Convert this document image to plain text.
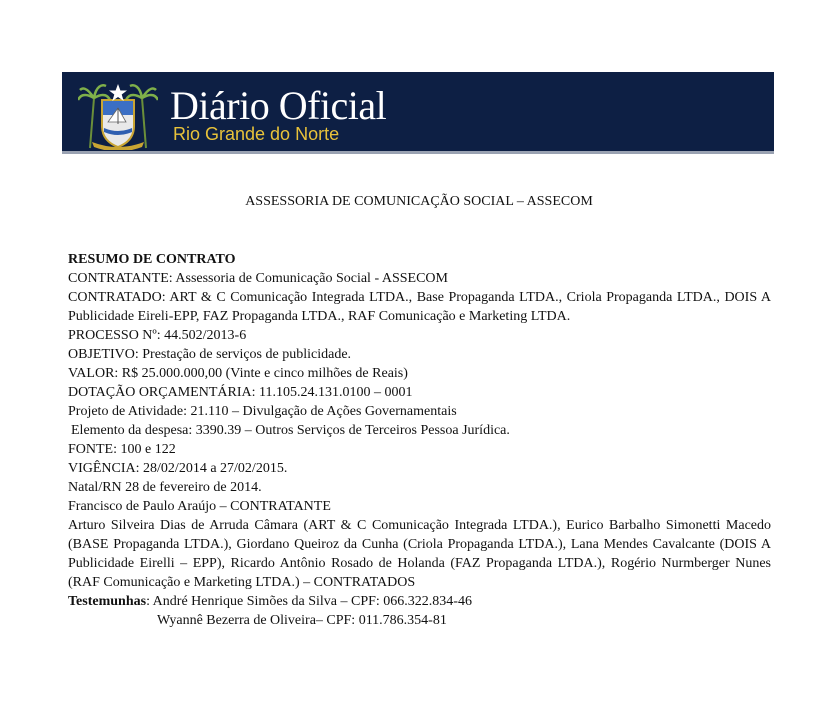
Diário Oficial
Rio Grande do Norte
ASSESSORIA DE COMUNICAÇÃO SOCIAL – ASSECOM

RESUMO DE CONTRATO

CONTRATANTE: Assessoria de Comunicação Social - ASSECOM

CONTRATADO: ART & C Comunicação Integrada LTDA., Base Propaganda LTDA., Criola Propaganda LTDA., DOIS A Publicidade Eireli-EPP, FAZ Propaganda LTDA., RAF Comunicação e Marketing LTDA.

PROCESSO Nº: 44.502/2013-6

OBJETIVO: Prestação de serviços de publicidade.

VALOR: R$ 25.000.000,00 (Vinte e cinco milhões de Reais)

DOTAÇÃO ORÇAMENTÁRIA: 11.105.24.131.0100 – 0001

Projeto de Atividade: 21.110 – Divulgação de Ações Governamentais

Elemento da despesa: 3390.39 – Outros Serviços de Terceiros Pessoa Jurídica.

FONTE: 100 e 122

VIGÊNCIA: 28/02/2014 a 27/02/2015.

Natal/RN 28 de fevereiro de 2014.

Francisco de Paulo Araújo – CONTRATANTE

Arturo Silveira Dias de Arruda Câmara (ART & C Comunicação Integrada LTDA.), Eurico Barbalho Simonetti Macedo (BASE Propaganda LTDA.), Giordano Queiroz da Cunha (Criola Propaganda LTDA.), Lana Mendes Cavalcante (DOIS A Publicidade Eirelli – EPP), Ricardo Antônio Rosado de Holanda (FAZ Propaganda LTDA.), Rogério Nurmberger Nunes (RAF Comunicação e Marketing LTDA.) – CONTRATADOS

Testemunhas: André Henrique Simões da Silva – CPF: 066.322.834-46

Wyannê Bezerra de Oliveira– CPF: 011.786.354-81
